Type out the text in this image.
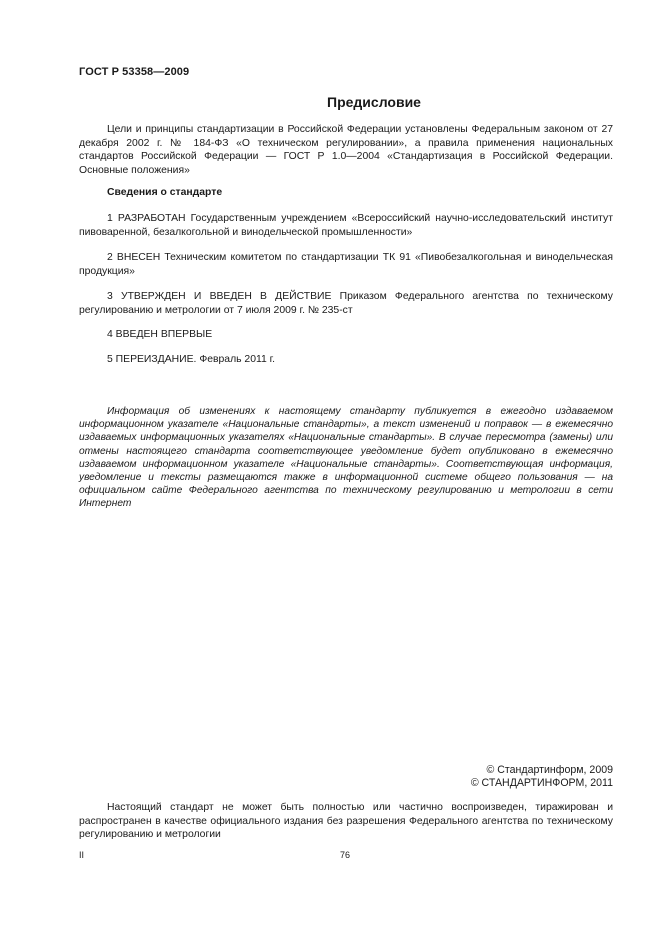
ГОСТ Р 53358—2009
Предисловие
Цели и принципы стандартизации в Российской Федерации установлены Федеральным законом от 27 декабря 2002 г. № 184-ФЗ «О техническом регулировании», а правила применения национальных стандартов Российской Федерации — ГОСТ Р 1.0—2004 «Стандартизация в Российской Федерации. Основные положения»
Сведения о стандарте
1 РАЗРАБОТАН Государственным учреждением «Всероссийский научно-исследовательский институт пивоваренной, безалкогольной и винодельческой промышленности»
2 ВНЕСЕН Техническим комитетом по стандартизации ТК 91 «Пивобезалкогольная и винодельческая продукция»
3 УТВЕРЖДЕН И ВВЕДЕН В ДЕЙСТВИЕ Приказом Федерального агентства по техническому регулированию и метрологии от 7 июля 2009 г. № 235-ст
4 ВВЕДЕН ВПЕРВЫЕ
5 ПЕРЕИЗДАНИЕ. Февраль 2011 г.
Информация об изменениях к настоящему стандарту публикуется в ежегодно издаваемом информационном указателе «Национальные стандарты», а текст изменений и поправок — в ежемесячно издаваемых информационных указателях «Национальные стандарты». В случае пересмотра (замены) или отмены настоящего стандарта соответствующее уведомление будет опубликовано в ежемесячно издаваемом информационном указателе «Национальные стандарты». Соответствующая информация, уведомление и тексты размещаются также в информационной системе общего пользования — на официальном сайте Федерального агентства по техническому регулированию и метрологии в сети Интернет
© Стандартинформ, 2009
© СТАНДАРТИНФОРМ, 2011
Настоящий стандарт не может быть полностью или частично воспроизведен, тиражирован и распространен в качестве официального издания без разрешения Федерального агентства по техническому регулированию и метрологии
II	76
